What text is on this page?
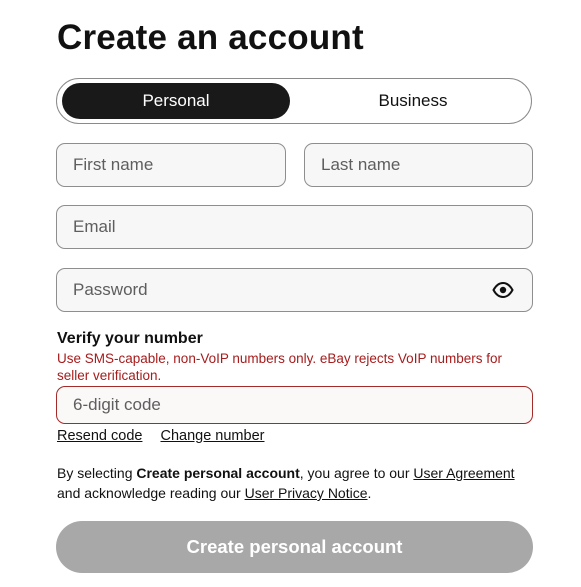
Create an account
Personal	Business
First name
Last name
Email

Verify your number

Use SMS-capable, non-VoIP numbers only. eBay rejects VoIP numbers for seller verification.

6-digit code
Resend code Change number

By selecting Create personal account, you agree to our User Agreement
and acknowledge reading our User Privacy Notice.

Create personal account
